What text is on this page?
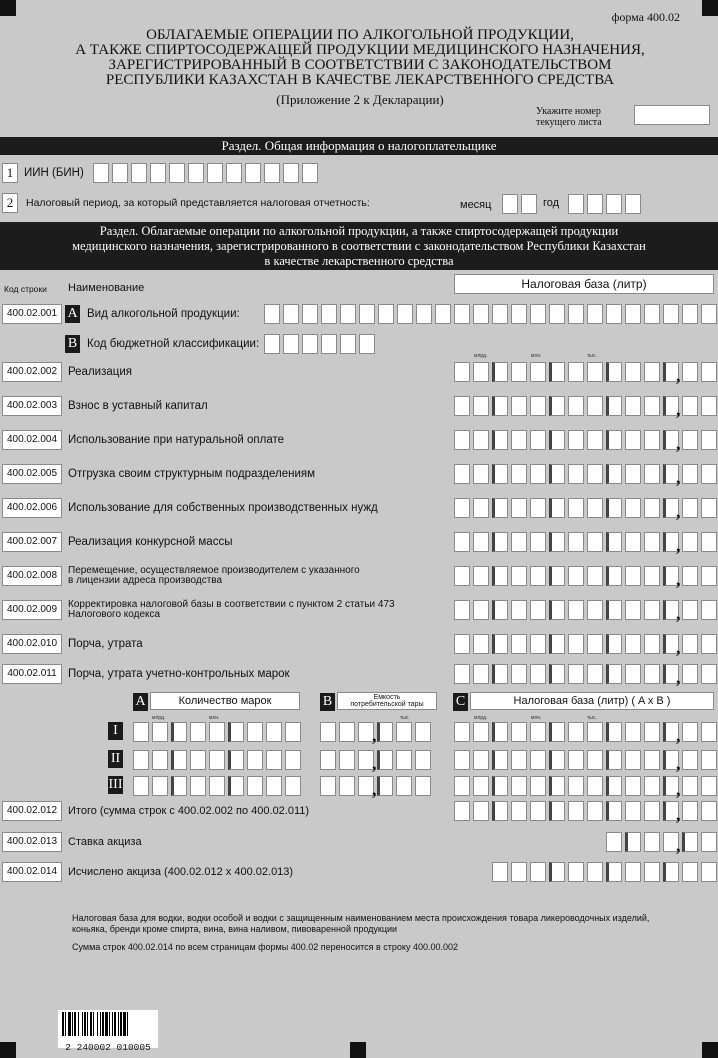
форма 400.02
ОБЛАГАЕМЫЕ ОПЕРАЦИИ ПО АЛКОГОЛЬНОЙ ПРОДУКЦИИ,
А ТАКЖЕ СПИРТОСОДЕРЖАЩЕЙ ПРОДУКЦИИ МЕДИЦИНСКОГО НАЗНАЧЕНИЯ,
ЗАРЕГИСТРИРОВАННЫЙ В СООТВЕТСТВИИ С ЗАКОНОДАТЕЛЬСТВОМ
РЕСПУБЛИКИ КАЗАХСТАН В КАЧЕСТВЕ ЛЕКАРСТВЕННОГО СРЕДСТВА
(Приложение 2 к Декларации)
Укажите номер
текущего листа
Раздел. Общая информация о налогоплательщике
1 ИИН (БИН)
2	Налоговый период, за который представляется налоговая отчетность:	месяц	год
Раздел. Облагаемые операции по алкогольной продукции, а также спиртосодержащей продукции
медицинского назначения, зарегистрированного в соответствии с законодательством Республики Казахстан
в качестве лекарственного средства
Код строки Наименование	Налоговая база (литр)
400.02.001 A Вид алкогольной продукции:
B Код бюджетной классификации:
400.02.002 Реализация	,
400.02.003 Взнос в уставный капитал	,
400.02.004 Использование при натуральной оплате	,
400.02.005 Отгрузка своим структурным подразделениям	,
400.02.006 Использование для собственных производственных нужд	,
400.02.007 Реализация конкурсной массы	,
400.02.008	Перемещение, осуществляемое производителем с указанного
в лицензии адреса производства	,
400.02.009	Корректировка налоговой базы в соответствии с пунктом 2 статьи 473
Налогового кодекса	,
400.02.010 Порча, утрата	,
400.02.011 Порча, утрата учетно-контрольных марок	,
млрд.	млн.	тыс.
A	Количество марок	B	Емкость
потребительской тары	C	Налоговая база (литр) ( A x B )
млрд.	млн.	тыс.	млрд.	млн.	тыс.
I	,	,
II	,	,
III	,	,
400.02.012 Итого (сумма строк с 400.02.002 по 400.02.011)	,
400.02.013 Ставка акциза	,
400.02.014 Исчислено акциза (400.02.012 х 400.02.013)
Налоговая база для водки, водки особой и водки с защищенным наименованием места происхождения товара ликероводочных изделий,
коньяка, бренди кроме спирта, вина, вина наливом, пивоваренной продукции
Сумма строк 400.02.014 по всем страницам формы 400.02 переносится в строку 400.00.002
2 240002 010005
